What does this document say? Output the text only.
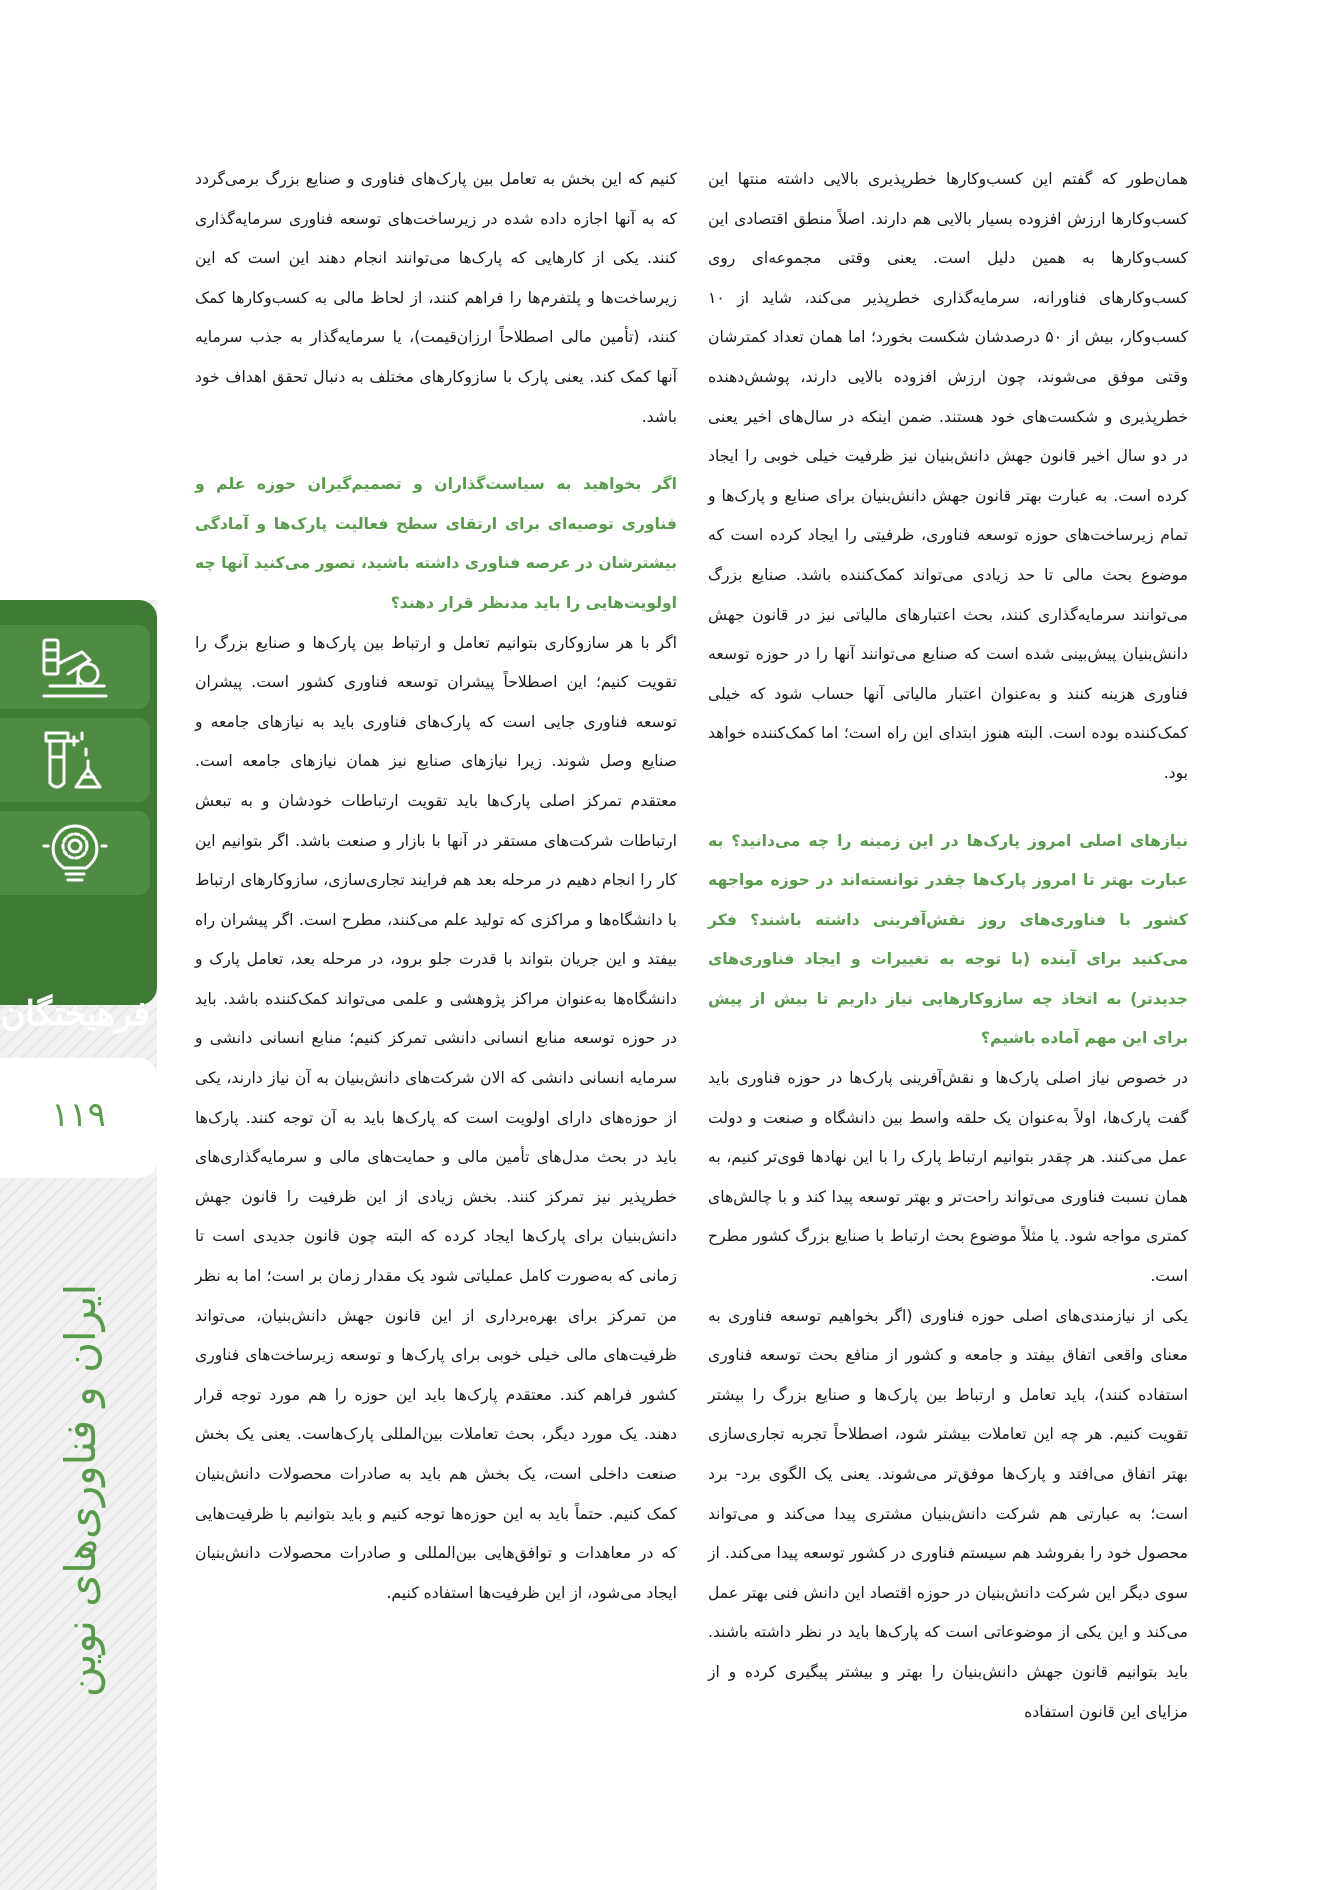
فرهیختگان
۱۱۹
ایران و فناوری‌های نوین

همان‌طور که گفتم این کسب‌وکارها خطرپذیری بالایی داشته منتها این کسب‌وکارها ارزش افزوده بسیار بالایی هم دارند. اصلاً منطق اقتصادی این کسب‌وکارها به همین دلیل است. یعنی وقتی مجموعه‌ای روی کسب‌وکارهای فناورانه، سرمایه‌گذاری خطرپذیر می‌کند، شاید از ۱۰ کسب‌وکار، بیش از ۵۰ درصدشان شکست بخورد؛ اما همان تعداد کمترشان وقتی موفق می‌شوند، چون ارزش افزوده بالایی دارند، پوشش‌دهنده خطرپذیری و شکست‌های خود هستند. ضمن اینکه در سال‌های اخیر یعنی در دو سال اخیر قانون جهش دانش‌بنیان نیز ظرفیت خیلی خوبی را ایجاد کرده است. به عبارت بهتر قانون جهش دانش‌بنیان برای صنایع و پارک‌ها و تمام زیرساخت‌های حوزه توسعه فناوری، ظرفیتی را ایجاد کرده است که موضوع بحث مالی تا حد زیادی می‌تواند کمک‌کننده باشد. صنایع بزرگ می‌توانند سرمایه‌گذاری کنند، بحث اعتبارهای مالیاتی نیز در قانون جهش دانش‌بنیان پیش‌بینی شده است که صنایع می‌توانند آنها را در حوزه توسعه فناوری هزینه کنند و به‌عنوان اعتبار مالیاتی آنها حساب شود که خیلی کمک‌کننده بوده است. البته هنوز ابتدای این راه است؛ اما کمک‌کننده خواهد بود.

نیازهای اصلی امروز پارک‌ها در این زمینه را چه می‌دانید؟ به عبارت بهتر تا امروز پارک‌ها چقدر توانسته‌اند در حوزه مواجهه کشور با فناوری‌های روز نقش‌آفرینی داشته باشند؟ فکر می‌کنید برای آینده (با توجه به تغییرات و ایجاد فناوری‌های جدیدتر) به اتخاذ چه سازوکارهایی نیاز داریم تا بیش از پیش برای این مهم آماده باشیم؟

در خصوص نیاز اصلی پارک‌ها و نقش‌آفرینی پارک‌ها در حوزه فناوری باید گفت پارک‌ها، اولاً به‌عنوان یک حلقه واسط بین دانشگاه و صنعت و دولت عمل می‌کنند. هر چقدر بتوانیم ارتباط پارک را با این نهادها قوی‌تر کنیم، به همان نسبت فناوری می‌تواند راحت‌تر و بهتر توسعه پیدا کند و با چالش‌های کمتری مواجه شود. یا مثلاً موضوع بحث ارتباط با صنایع بزرگ کشور مطرح است.

یکی از نیازمندی‌های اصلی حوزه فناوری (اگر بخواهیم توسعه فناوری به معنای واقعی اتفاق بیفتد و جامعه و کشور از منافع بحث توسعه فناوری استفاده کنند)، باید تعامل و ارتباط بین پارک‌ها و صنایع بزرگ را بیشتر تقویت کنیم. هر چه این تعاملات بیشتر شود، اصطلاحاً تجربه تجاری‌سازی بهتر اتفاق می‌افتد و پارک‌ها موفق‌تر می‌شوند. یعنی یک الگوی برد- برد است؛ به عبارتی هم شرکت دانش‌بنیان مشتری پیدا می‌کند و می‌تواند محصول خود را بفروشد هم سیستم فناوری در کشور توسعه پیدا می‌کند. از سوی دیگر این شرکت دانش‌بنیان در حوزه اقتصاد این دانش فنی بهتر عمل می‌کند و این یکی از موضوعاتی است که پارک‌ها باید در نظر داشته باشند. باید بتوانیم قانون جهش دانش‌بنیان را بهتر و بیشتر پیگیری کرده و از مزایای این قانون استفاده

کنیم که این بخش به تعامل بین پارک‌های فناوری و صنایع بزرگ برمی‌گردد که به آنها اجازه داده شده در زیرساخت‌های توسعه فناوری سرمایه‌گذاری کنند. یکی از کارهایی که پارک‌ها می‌توانند انجام دهند این است که این زیرساخت‌ها و پلتفرم‌ها را فراهم کنند، از لحاظ مالی به کسب‌وکارها کمک کنند، (تأمین مالی اصطلاحاً ارزان‌قیمت)، یا سرمایه‌گذار به جذب سرمایه آنها کمک کند. یعنی پارک با سازوکارهای مختلف به دنبال تحقق اهداف خود باشد.

اگر بخواهید به سیاست‌گذاران و تصمیم‌گیران حوزه علم و فناوری توصیه‌ای برای ارتقای سطح فعالیت پارک‌ها و آمادگی بیشترشان در عرصه فناوری داشته باشید، تصور می‌کنید آنها چه اولویت‌هایی را باید مدنظر قرار دهند؟

اگر با هر سازوکاری بتوانیم تعامل و ارتباط بین پارک‌ها و صنایع بزرگ را تقویت کنیم؛ این اصطلاحاً پیشران توسعه فناوری کشور است. پیشران توسعه فناوری جایی است که پارک‌های فناوری باید به نیازهای جامعه و صنایع وصل شوند. زیرا نیازهای صنایع نیز همان نیازهای جامعه است. معتقدم تمرکز اصلی پارک‌ها باید تقویت ارتباطات خودشان و به تبعش ارتباطات شرکت‌های مستقر در آنها با بازار و صنعت باشد. اگر بتوانیم این کار را انجام دهیم در مرحله بعد هم فرایند تجاری‌سازی، سازوکارهای ارتباط با دانشگاه‌ها و مراکزی که تولید علم می‌کنند، مطرح است. اگر پیشران راه بیفتد و این جریان بتواند با قدرت جلو برود، در مرحله بعد، تعامل پارک و دانشگاه‌ها به‌عنوان مراکز پژوهشی و علمی می‌تواند کمک‌کننده باشد. باید در حوزه توسعه منابع انسانی دانشی تمرکز کنیم؛ منابع انسانی دانشی و سرمایه انسانی دانشی که الان شرکت‌های دانش‌بنیان به آن نیاز دارند، یکی از حوزه‌های دارای اولویت است که پارک‌ها باید به آن توجه کنند. پارک‌ها باید در بحث مدل‌های تأمین مالی و حمایت‌های مالی و سرمایه‌گذاری‌های خطرپذیر نیز تمرکز کنند. بخش زیادی از این ظرفیت را قانون جهش دانش‌بنیان برای پارک‌ها ایجاد کرده که البته چون قانون جدیدی است تا زمانی که به‌صورت کامل عملیاتی شود یک مقدار زمان بر است؛ اما به نظر من تمرکز برای بهره‌برداری از این قانون جهش دانش‌بنیان، می‌تواند ظرفیت‌های مالی خیلی خوبی برای پارک‌ها و توسعه زیرساخت‌های فناوری کشور فراهم کند. معتقدم پارک‌ها باید این حوزه را هم مورد توجه قرار دهند. یک مورد دیگر، بحث تعاملات بین‌المللی پارک‌هاست. یعنی یک بخش صنعت داخلی است، یک بخش هم باید به صادرات محصولات دانش‌بنیان کمک کنیم. حتماً باید به این حوزه‌ها توجه کنیم و باید بتوانیم با ظرفیت‌هایی که در معاهدات و توافق‌هایی بین‌المللی و صادرات محصولات دانش‌بنیان ایجاد می‌شود، از این ظرفیت‌ها استفاده کنیم.
